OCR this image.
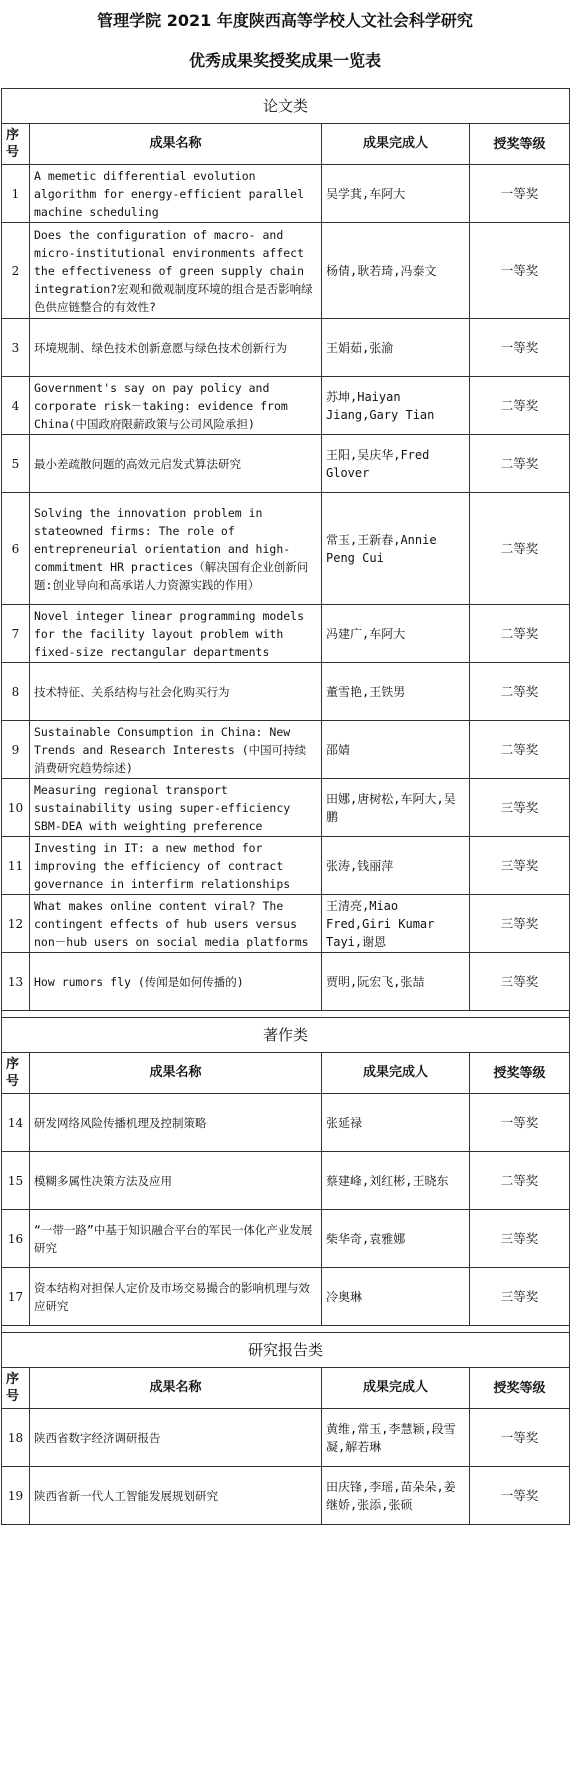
管理学院 2021 年度陕西高等学校人文社会科学研究
优秀成果奖授奖成果一览表
论文类			
序号	成果名称	成果完成人	授奖等级
1	A memetic differential evolution algorithm for energy-efficient parallel machine scheduling	吴学萁,车阿大	一等奖
2	Does the configuration of macro- and micro-institutional environments affect the effectiveness of green supply chain integration?宏观和微观制度环境的组合是否影响绿色供应链整合的有效性?	杨倩,耿若琦,冯泰文	一等奖
3	环境规制、绿色技术创新意愿与绿色技术创新行为	王娟茹,张渝	一等奖
4	Government's say on pay policy and corporate risk－taking: evidence from China(中国政府限薪政策与公司风险承担)	苏坤,Haiyan Jiang,Gary Tian	二等奖
5	最小差疏散问题的高效元启发式算法研究	王阳,吴庆华,Fred Glover	二等奖
6	Solving the innovation problem in stateowned firms: The role of entrepreneurial orientation and high-commitment HR practices（解决国有企业创新问题:创业导向和高承诺人力资源实践的作用）	常玉,王新春,Annie Peng Cui	二等奖
7	Novel integer linear programming models for the facility layout problem with fixed-size rectangular departments	冯建广,车阿大	二等奖
8	技术特征、关系结构与社会化购买行为	董雪艳,王铁男	二等奖
9	Sustainable Consumption in China: New Trends and Research Interests (中国可持续消费研究趋势综述)	邵婧	二等奖
10	Measuring regional transport sustainability using super-efficiency SBM-DEA with weighting preference	田娜,唐树松,车阿大,吴鹏	三等奖
11	Investing in IT: a new method for improving the efficiency of contract governance in interfirm relationships	张涛,钱丽萍	三等奖
12	What makes online content viral? The contingent effects of hub users versus non－hub users on social media platforms	王清亮,Miao Fred,Giri Kumar Tayi,谢恩	三等奖
13	How rumors fly (传闻是如何传播的)	贾明,阮宏飞,张喆	三等奖

著作类			
序号	成果名称	成果完成人	授奖等级
14	研发网络风险传播机理及控制策略	张延禄	一等奖
15	模糊多属性决策方法及应用	蔡建峰,刘红彬,王晓东	二等奖
16	“一带一路”中基于知识融合平台的军民一体化产业发展研究	柴华奇,袁雅娜	三等奖
17	资本结构对担保人定价及市场交易撮合的影响机理与效应研究	冷奥琳	三等奖

研究报告类			
序号	成果名称	成果完成人	授奖等级
18	陕西省数字经济调研报告	黄维,常玉,李慧颖,段雪凝,解若琳	一等奖
19	陕西省新一代人工智能发展规划研究	田庆锋,李瑶,苗朵朵,姜继娇,张添,张硕	一等奖
